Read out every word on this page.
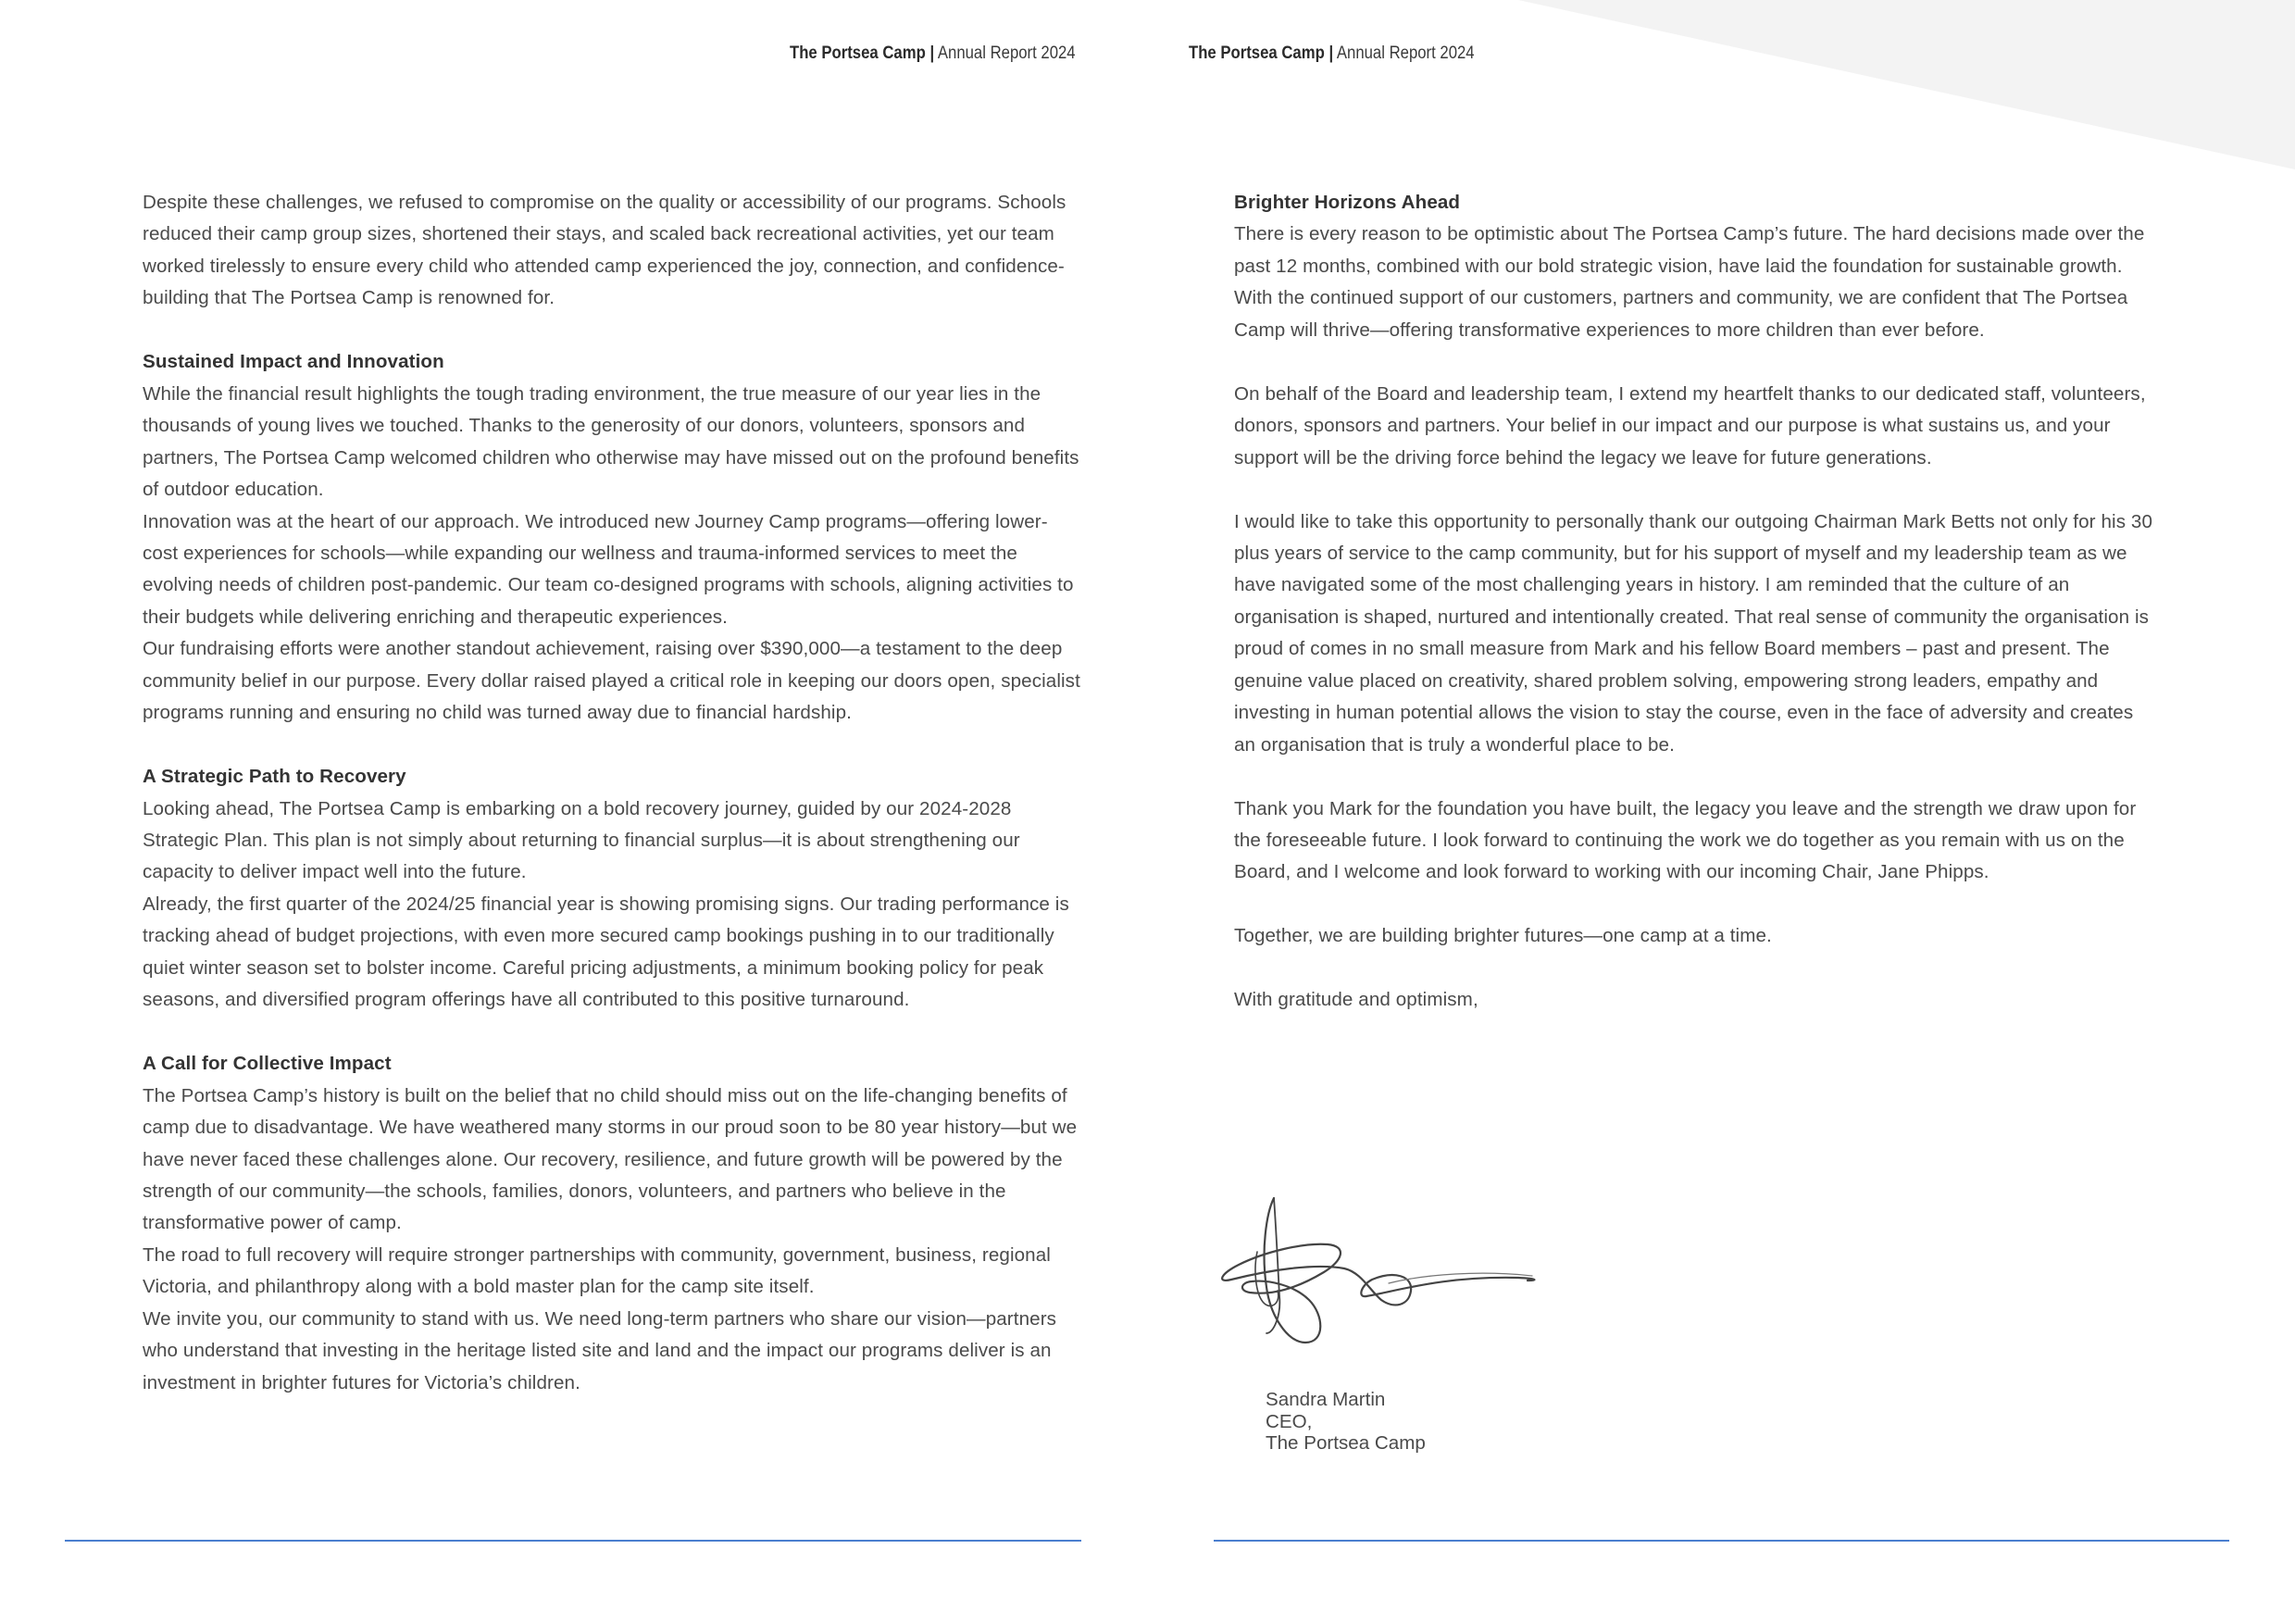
The Portsea Camp | Annual Report 2024	The Portsea Camp | Annual Report 2024

Despite these challenges, we refused to compromise on the quality or accessibility of our programs. Schools reduced their camp group sizes, shortened their stays, and scaled back recreational activities, yet our team worked tirelessly to ensure every child who attended camp experienced the joy, connection, and confidence-building that The Portsea Camp is renowned for.

Sustained Impact and Innovation

While the financial result highlights the tough trading environment, the true measure of our year lies in the thousands of young lives we touched. Thanks to the generosity of our donors, volunteers, sponsors and partners, The Portsea Camp welcomed children who otherwise may have missed out on the profound benefits of outdoor education.

Innovation was at the heart of our approach. We introduced new Journey Camp programs—offering lower-cost experiences for schools—while expanding our wellness and trauma-informed services to meet the evolving needs of children post-pandemic. Our team co-designed programs with schools, aligning activities to their budgets while delivering enriching and therapeutic experiences.

Our fundraising efforts were another standout achievement, raising over $390,000—a testament to the deep community belief in our purpose. Every dollar raised played a critical role in keeping our doors open, specialist programs running and ensuring no child was turned away due to financial hardship.

A Strategic Path to Recovery

Looking ahead, The Portsea Camp is embarking on a bold recovery journey, guided by our 2024-2028 Strategic Plan. This plan is not simply about returning to financial surplus—it is about strengthening our capacity to deliver impact well into the future.

Already, the first quarter of the 2024/25 financial year is showing promising signs. Our trading performance is tracking ahead of budget projections, with even more secured camp bookings pushing in to our traditionally quiet winter season set to bolster income. Careful pricing adjustments, a minimum booking policy for peak seasons, and diversified program offerings have all contributed to this positive turnaround.

A Call for Collective Impact

The Portsea Camp’s history is built on the belief that no child should miss out on the life-changing benefits of camp due to disadvantage. We have weathered many storms in our proud soon to be 80 year history—but we have never faced these challenges alone. Our recovery, resilience, and future growth will be powered by the strength of our community—the schools, families, donors, volunteers, and partners who believe in the transformative power of camp.

The road to full recovery will require stronger partnerships with community, government, business, regional Victoria, and philanthropy along with a bold master plan for the camp site itself.

We invite you, our community to stand with us. We need long-term partners who share our vision—partners who understand that investing in the heritage listed site and land and the impact our programs deliver is an investment in brighter futures for Victoria’s children.

Brighter Horizons Ahead

There is every reason to be optimistic about The Portsea Camp’s future. The hard decisions made over the past 12 months, combined with our bold strategic vision, have laid the foundation for sustainable growth. With the continued support of our customers, partners and community, we are confident that The Portsea Camp will thrive—offering transformative experiences to more children than ever before.

On behalf of the Board and leadership team, I extend my heartfelt thanks to our dedicated staff, volunteers, donors, sponsors and partners. Your belief in our impact and our purpose is what sustains us, and your support will be the driving force behind the legacy we leave for future generations.

I would like to take this opportunity to personally thank our outgoing Chairman Mark Betts not only for his 30 plus years of service to the camp community, but for his support of myself and my leadership team as we have navigated some of the most challenging years in history. I am reminded that the culture of an organisation is shaped, nurtured and intentionally created. That real sense of community the organisation is proud of comes in no small measure from Mark and his fellow Board members – past and present. The genuine value placed on creativity, shared problem solving, empowering strong leaders, empathy and investing in human potential allows the vision to stay the course, even in the face of adversity and creates an organisation that is truly a wonderful place to be.

Thank you Mark for the foundation you have built, the legacy you leave and the strength we draw upon for the foreseeable future. I look forward to continuing the work we do together as you remain with us on the Board, and I welcome and look forward to working with our incoming Chair, Jane Phipps.

Together, we are building brighter futures—one camp at a time.

With gratitude and optimism,

Sandra Martin
CEO,
The Portsea Camp
